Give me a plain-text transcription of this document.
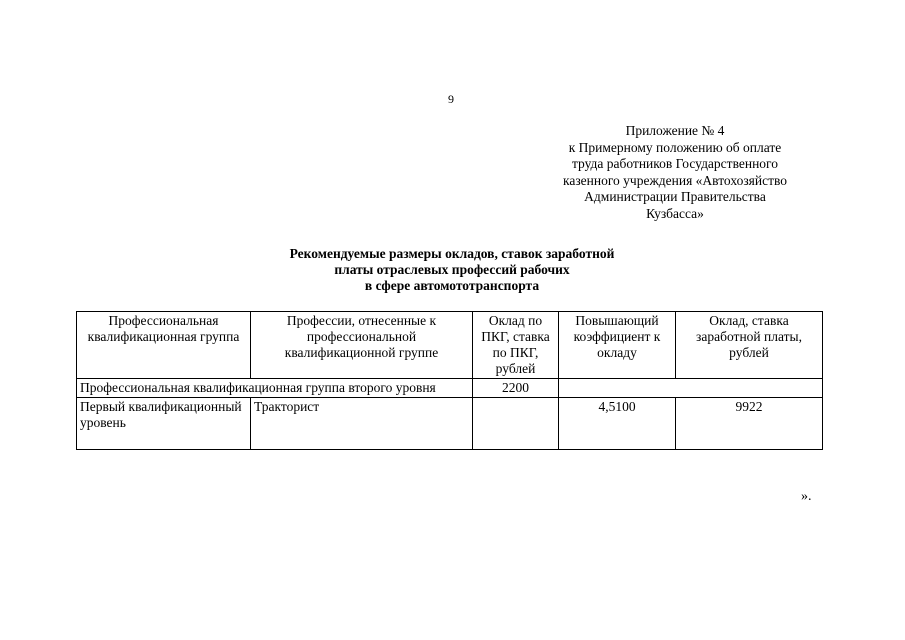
9
Приложение № 4
к Примерному положению об оплате
труда работников Государственного
казенного учреждения «Автохозяйство
Администрации Правительства
Кузбасса»
Рекомендуемые размеры окладов, ставок заработной
платы отраслевых профессий рабочих
в сфере автомототранспорта
Профессиональная квалификационная группа	Профессии, отнесенные к профессиональной квалификационной группе	Оклад по ПКГ, ставка по ПКГ, рублей	Повышающий коэффициент к окладу	Оклад, ставка заработной платы, рублей
Профессиональная квалификационная группа второго уровня		2200		
Первый квалификационный уровень	Тракторист		4,5100	9922
».
